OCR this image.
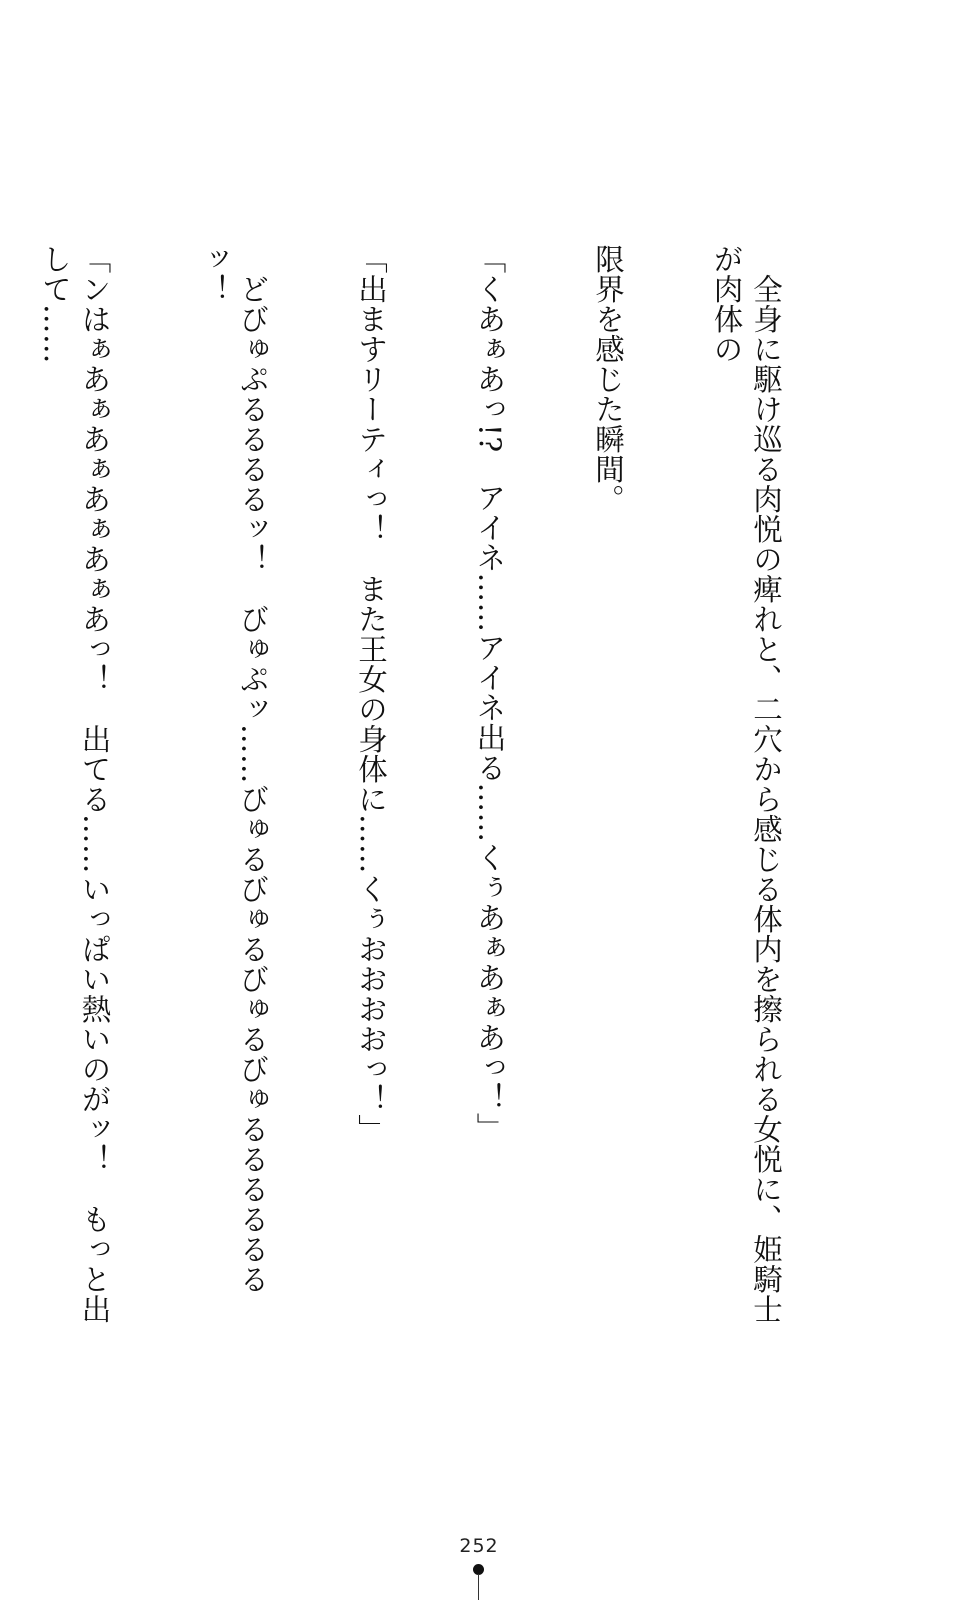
　全身に駆け巡る肉悦の痺れと、二穴から感じる体内を擦られる女悦に、姫騎士が肉体の

限界を感じた瞬間。

「くあぁあっ!?　アイネ……アイネ出る……くぅあぁあぁあっ！」

「出ますリーティっ！　また王女の身体に……くぅおおおおっ！」

　どびゅぷるるるるッ！　びゅぷッ……びゅるびゅるびゅるびゅるるるるるるッ！

「ンはぁあぁあぁあぁあぁあっ！　出てる……いっぱい熱いのがッ！　もっと出して……

252
